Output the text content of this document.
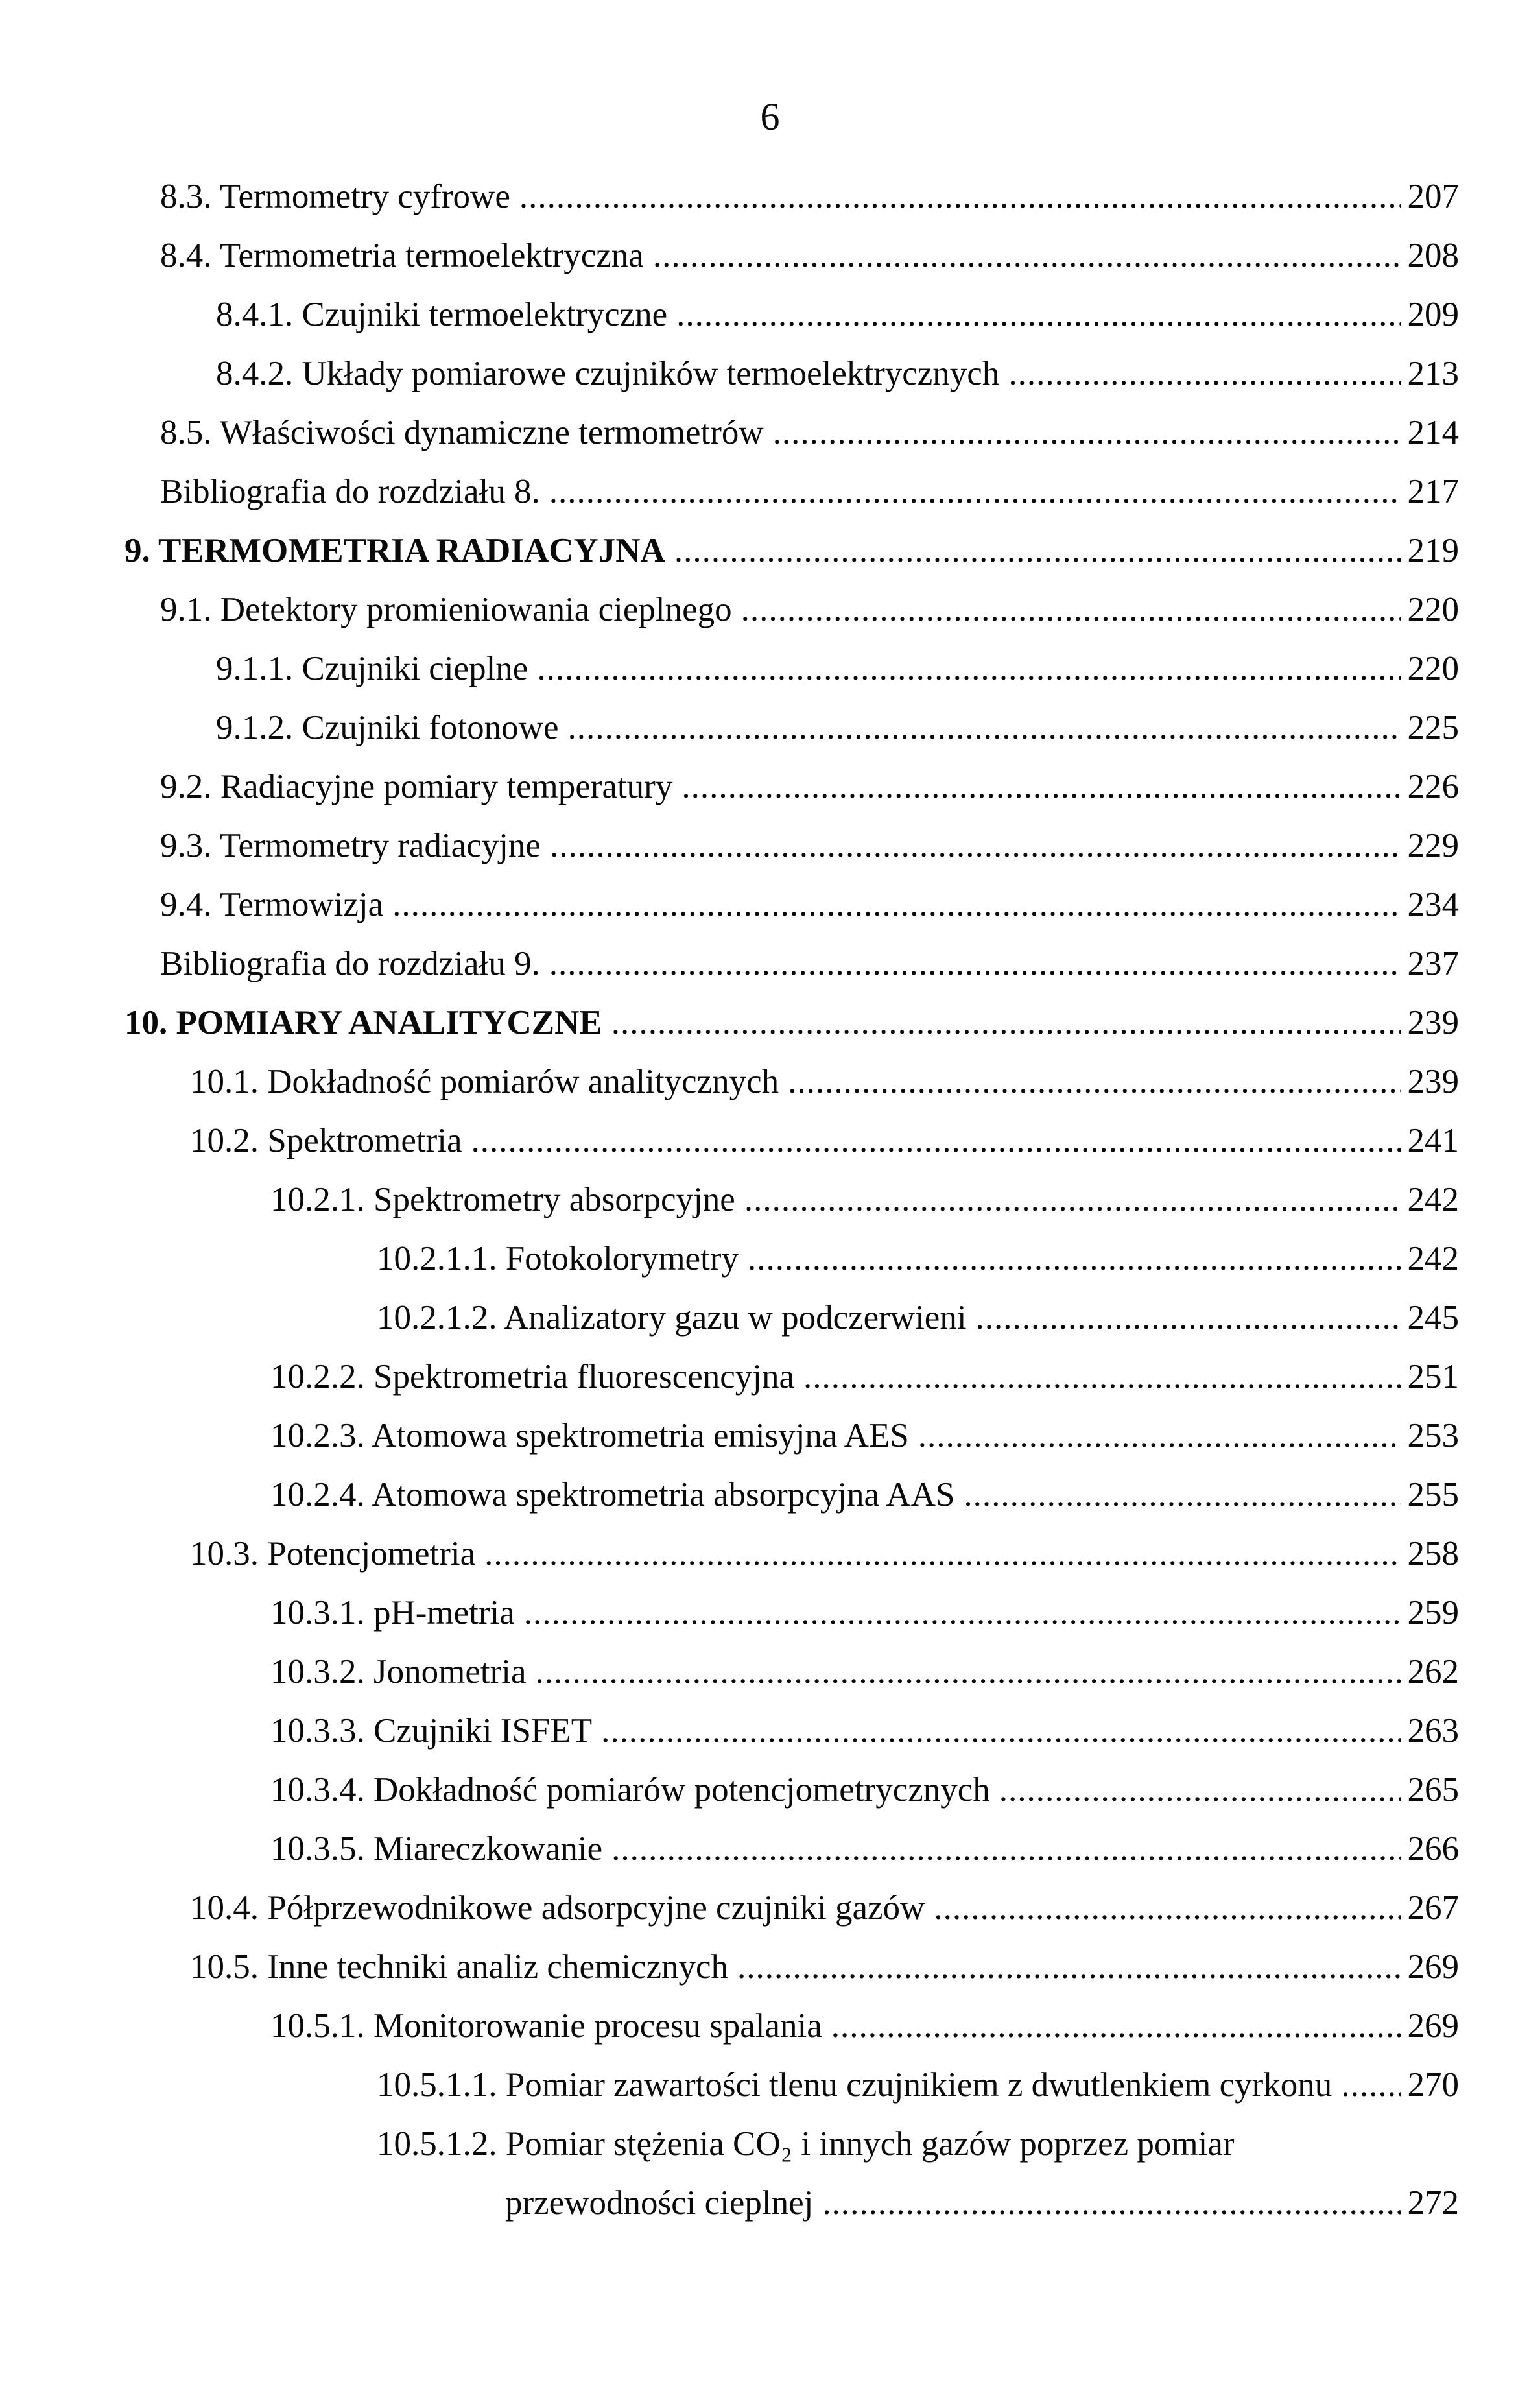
6
8.3. Termometry cyfrowe .....	207
8.4. Termometria termoelektryczna .....	208
8.4.1. Czujniki termoelektryczne .....	209
8.4.2. Układy pomiarowe czujników termoelektrycznych .....	213
8.5. Właściwości dynamiczne termometrów .....	214
Bibliografia do rozdziału 8. .....	217
9. TERMOMETRIA RADIACYJNA .....	219
9.1. Detektory promieniowania cieplnego .....	220
9.1.1. Czujniki cieplne .....	220
9.1.2. Czujniki fotonowe .....	225
9.2. Radiacyjne pomiary temperatury .....	226
9.3. Termometry radiacyjne .....	229
9.4. Termowizja .....	234
Bibliografia do rozdziału 9. .....	237
10. POMIARY ANALITYCZNE .....	239
10.1. Dokładność pomiarów analitycznych .....	239
10.2. Spektrometria .....	241
10.2.1. Spektrometry absorpcyjne .....	242
10.2.1.1. Fotokolorymetry .....	242
10.2.1.2. Analizatory gazu w podczerwieni .....	245
10.2.2. Spektrometria fluorescencyjna .....	251
10.2.3. Atomowa spektrometria emisyjna AES .....	253
10.2.4. Atomowa spektrometria absorpcyjna AAS .....	255
10.3. Potencjometria .....	258
10.3.1. pH-metria .....	259
10.3.2. Jonometria .....	262
10.3.3. Czujniki ISFET .....	263
10.3.4. Dokładność pomiarów potencjometrycznych .....	265
10.3.5. Miareczkowanie .....	266
10.4. Półprzewodnikowe adsorpcyjne czujniki gazów .....	267
10.5. Inne techniki analiz chemicznych .....	269
10.5.1. Monitorowanie procesu spalania .....	269
10.5.1.1. Pomiar zawartości tlenu czujnikiem z dwutlenkiem cyrkonu ..... 270
10.5.1.2. Pomiar stężenia CO₂ i innych gazów poprzez pomiar
przewodności cieplnej .....	272
